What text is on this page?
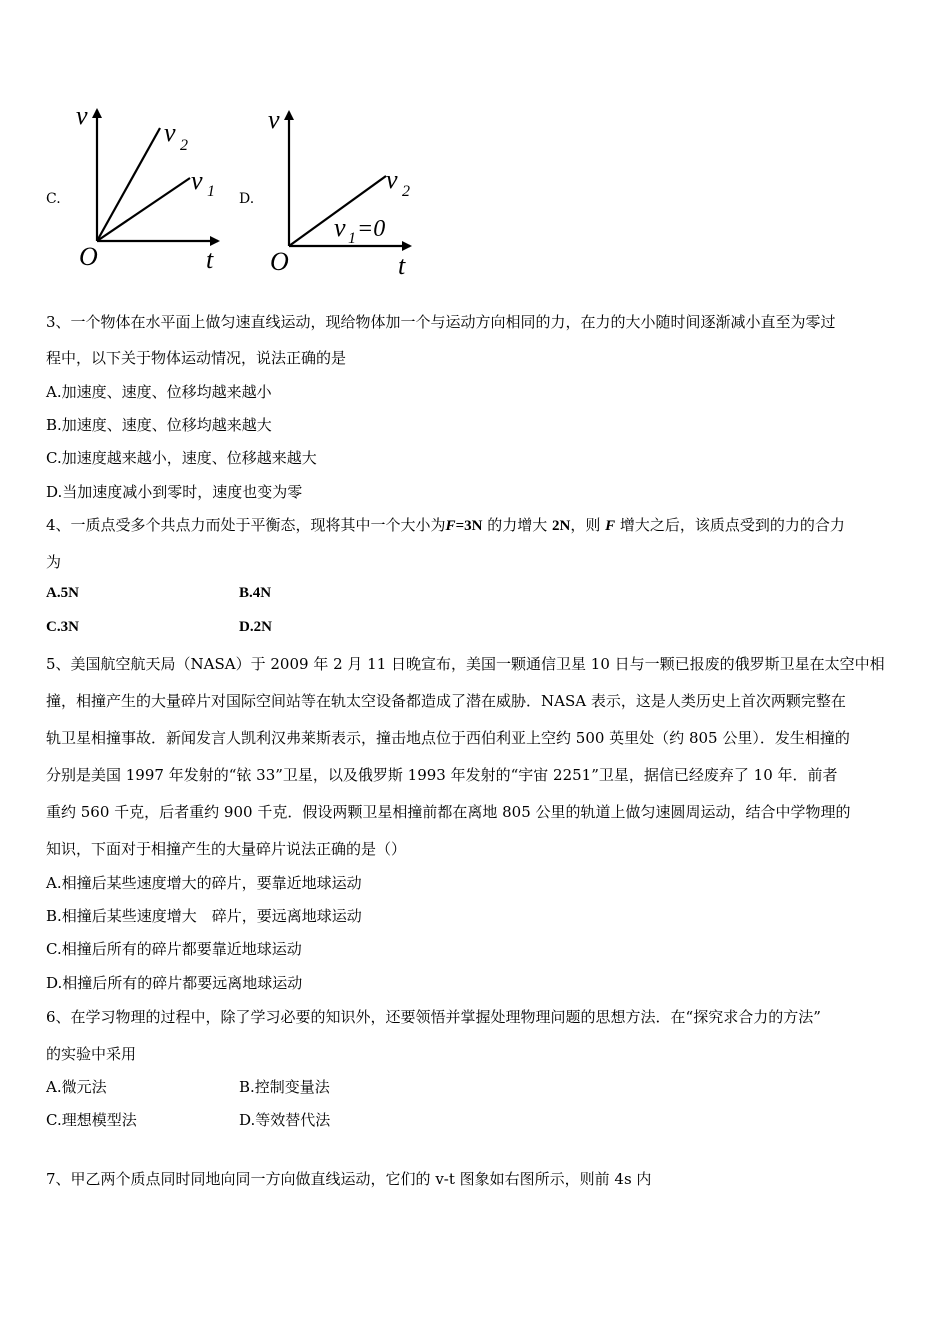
C.
v
t
O
v 2
v 1 D.
v
t
O
v 2
v 1 =0
3、一个物体在水平面上做匀速直线运动，现给物体加一个与运动方向相同的力，在力的大小随时间逐渐减小直至为零过
程中，以下关于物体运动情况，说法正确的是
A.加速度、速度、位移均越来越小
B.加速度、速度、位移均越来越大
C.加速度越来越小，速度、位移越来越大
D.当加速度减小到零时，速度也变为零
4、一质点受多个共点力而处于平衡态，现将其中一个大小为F=3N 的力增大 2N，则 F 增大之后，该质点受到的力的合力
为
A.5N	B.4N
C.3N	D.2N
5、美国航空航天局（NASA）于 2009 年 2 月 11 日晚宣布，美国一颗通信卫星 10 日与一颗已报废的俄罗斯卫星在太空中相
撞，相撞产生的大量碎片对国际空间站等在轨太空设备都造成了潜在威胁．NASA 表示，这是人类历史上首次两颗完整在
轨卫星相撞事故．新闻发言人凯利汉弗莱斯表示，撞击地点位于西伯利亚上空约 500 英里处（约 805 公里）．发生相撞的
分别是美国 1997 年发射的“铱 33”卫星，以及俄罗斯 1993 年发射的“宇宙 2251”卫星，据信已经废弃了 10 年．前者
重约 560 千克，后者重约 900 千克．假设两颗卫星相撞前都在离地 805 公里的轨道上做匀速圆周运动，结合中学物理的
知识，下面对于相撞产生的大量碎片说法正确的是（）
A.相撞后某些速度增大的碎片，要靠近地球运动
B.相撞后某些速度增大　碎片，要远离地球运动
C.相撞后所有的碎片都要靠近地球运动
D.相撞后所有的碎片都要远离地球运动
6、在学习物理的过程中，除了学习必要的知识外，还要领悟并掌握处理物理问题的思想方法．在“探究求合力的方法”
的实验中采用
A.微元法	B.控制变量法
C.理想模型法	D.等效替代法
7、甲乙两个质点同时同地向同一方向做直线运动，它们的 v-t 图象如右图所示，则前 4s 内
